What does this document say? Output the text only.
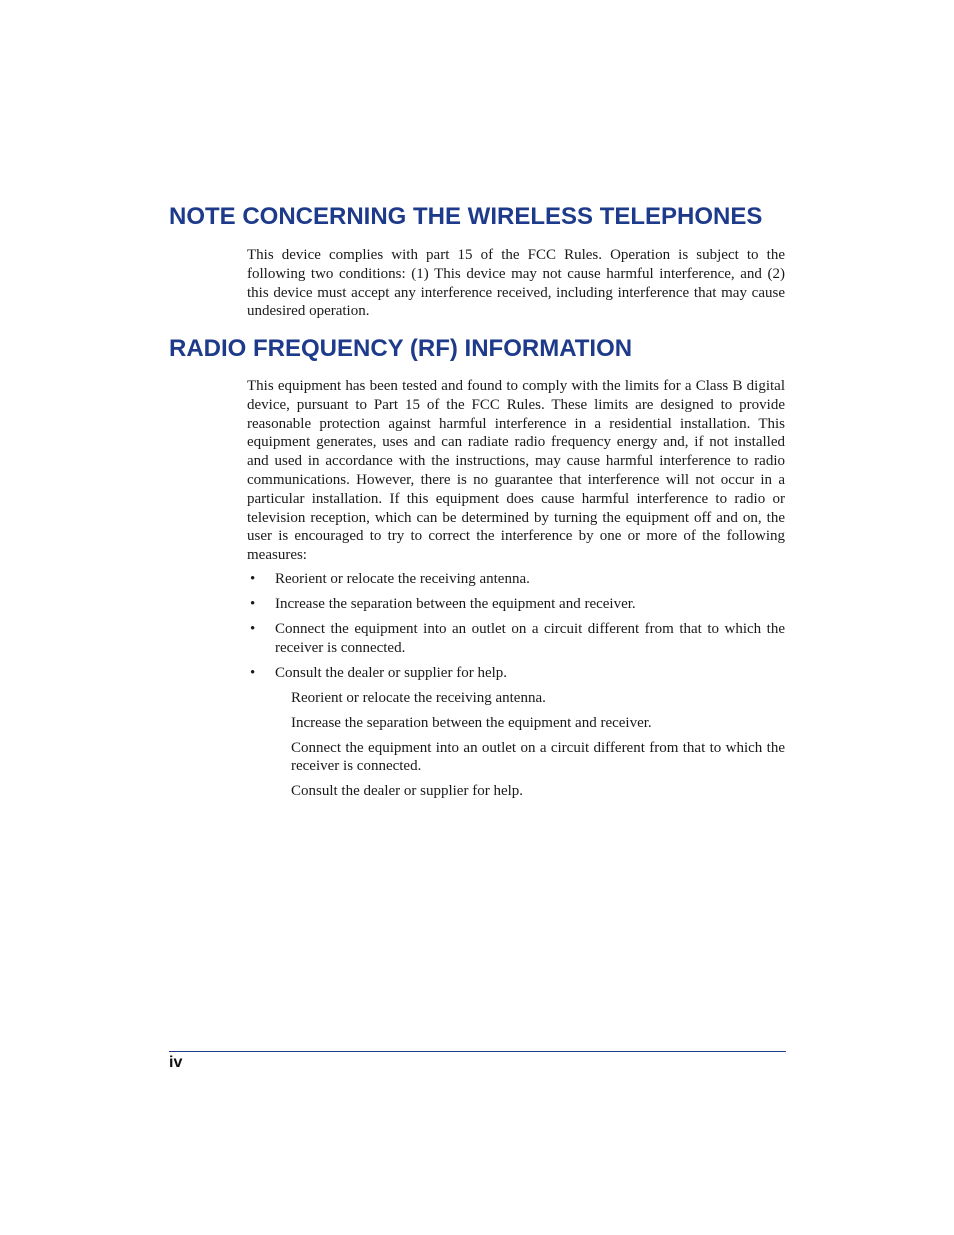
NOTE CONCERNING THE WIRELESS TELEPHONES

This device complies with part 15 of the FCC Rules. Operation is subject to the following two conditions: (1) This device may not cause harmful interference, and (2) this device must accept any interference received, including interference that may cause undesired operation.

RADIO FREQUENCY (RF) INFORMATION

This equipment has been tested and found to comply with the limits for a Class B digital device, pursuant to Part 15 of the FCC Rules. These limits are designed to provide reasonable protection against harmful interference in a residential installation. This equipment generates, uses and can radiate radio frequency energy and, if not installed and used in accordance with the instructions, may cause harmful interference to radio communications. However, there is no guarantee that interference will not occur in a particular installation. If this equipment does cause harmful interference to radio or television reception, which can be determined by turning the equipment off and on, the user is encouraged to try to correct the interference by one or more of the following measures:

• Reorient or relocate the receiving antenna.
• Increase the separation between the equipment and receiver.
• Connect the equipment into an outlet on a circuit different from that to which the receiver is connected.
• Consult the dealer or supplier for help.
Reorient or relocate the receiving antenna.
Increase the separation between the equipment and receiver.
Connect the equipment into an outlet on a circuit different from that to which the receiver is connected.
Consult the dealer or supplier for help.
iv
